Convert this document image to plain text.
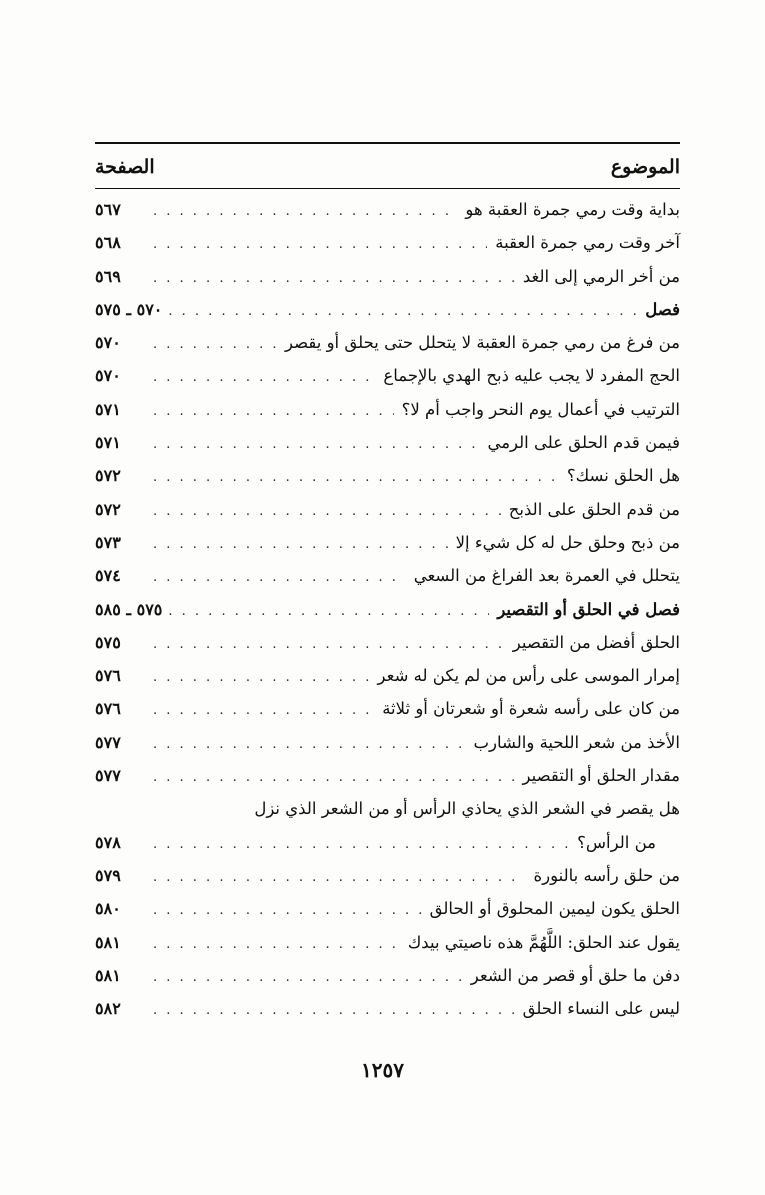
الموضوع
الصفحة
بداية وقت رمي جمرة العقبة هو
. . .
٥٦٧
آخر وقت رمي جمرة العقبة
. . .
٥٦٨
من أخر الرمي إلى الغد
. . .
٥٦٩
فصل
. . .
٥٧٠ ـ ٥٧٥
من فرغ من رمي جمرة العقبة لا يتحلل حتى يحلق أو يقصر
. . .
٥٧٠
الحج المفرد لا يجب عليه ذبح الهدي بالإجماع
. . .
٥٧٠
الترتيب في أعمال يوم النحر واجب أم لا؟
. . .
٥٧١
فيمن قدم الحلق على الرمي
. . .
٥٧١
هل الحلق نسك؟
. . .
٥٧٢
من قدم الحلق على الذبح
. . .
٥٧٢
من ذبح وحلق حل له كل شيء إلا
. . .
٥٧٣
يتحلل في العمرة بعد الفراغ من السعي
. . .
٥٧٤
فصل في الحلق أو التقصير
. . .
٥٧٥ ـ ٥٨٥
الحلق أفضل من التقصير
. . .
٥٧٥
إمرار الموسى على رأس من لم يكن له شعر
. . .
٥٧٦
من كان على رأسه شعرة أو شعرتان أو ثلاثة
. . .
٥٧٦
الأخذ من شعر اللحية والشارب
. . .
٥٧٧
مقدار الحلق أو التقصير
. . .
٥٧٧
هل يقصر في الشعر الذي يحاذي الرأس أو من الشعر الذي نزل
من الرأس؟
. . .
٥٧٨
من حلق رأسه بالنورة
. . .
٥٧٩
الحلق يكون ليمين المحلوق أو الحالق
. . .
٥٨٠
يقول عند الحلق: اللَّهُمَّ هذه ناصيتي بيدك
. . .
٥٨١
دفن ما حلق أو قصر من الشعر
. . .
٥٨١
ليس على النساء الحلق
. . .
٥٨٢
١٢٥٧
